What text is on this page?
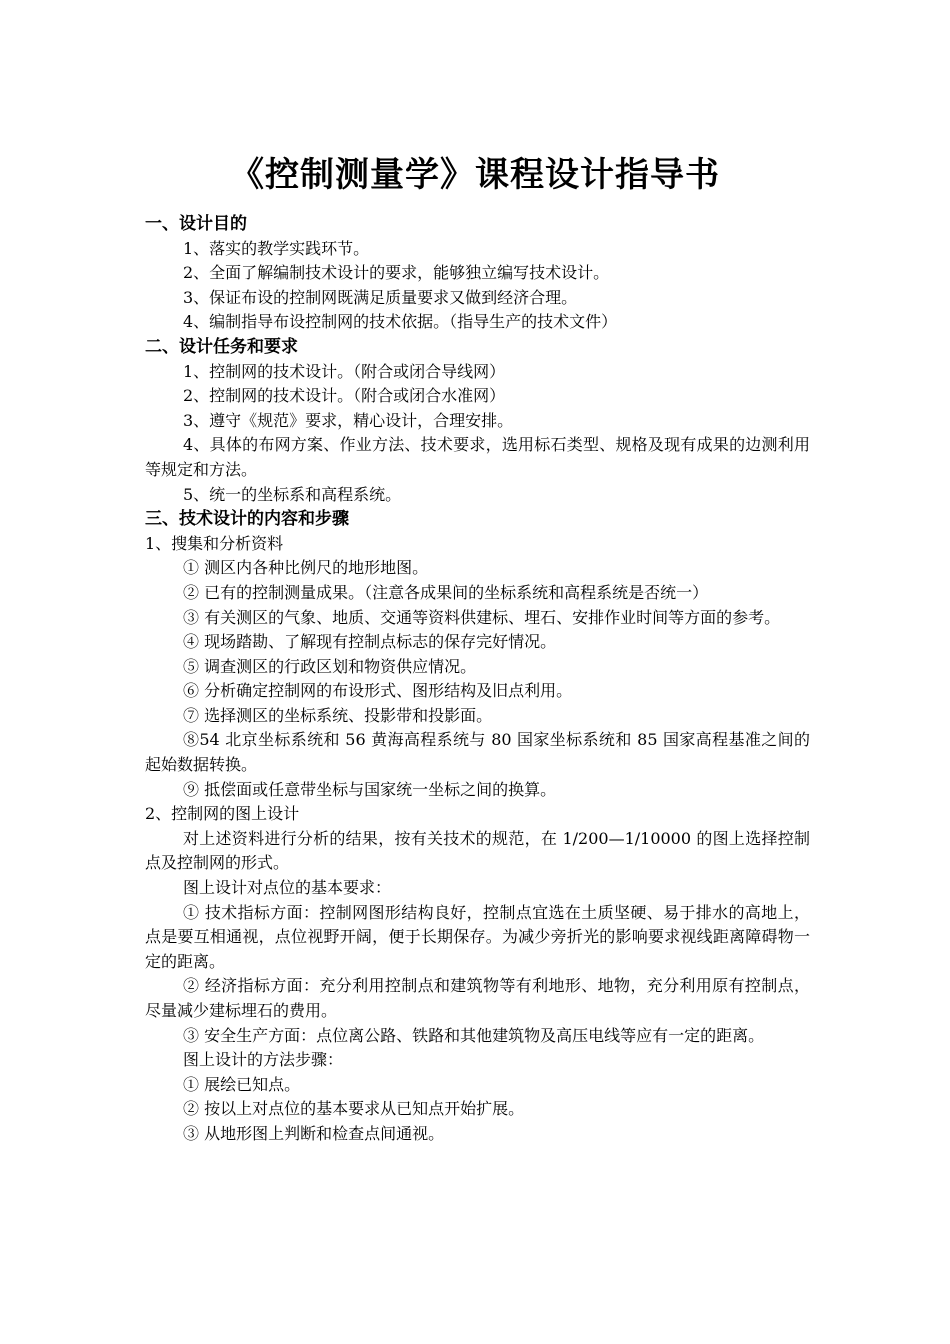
《控制测量学》课程设计指导书

一、设计目的

1、落实的教学实践环节。

2、全面了解编制技术设计的要求，能够独立编写技术设计。

3、保证布设的控制网既满足质量要求又做到经济合理。

4、编制指导布设控制网的技术依据。（指导生产的技术文件）

二、设计任务和要求

1、控制网的技术设计。（附合或闭合导线网）

2、控制网的技术设计。（附合或闭合水准网）

3、遵守《规范》要求，精心设计，合理安排。

4、具体的布网方案、作业方法、技术要求，选用标石类型、规格及现有成果的边测利用等规定和方法。

5、统一的坐标系和高程系统。

三、技术设计的内容和步骤

1、搜集和分析资料

① 测区内各种比例尺的地形地图。

② 已有的控制测量成果。（注意各成果间的坐标系统和高程系统是否统一）

③ 有关测区的气象、地质、交通等资料供建标、埋石、安排作业时间等方面的参考。

④ 现场踏勘、了解现有控制点标志的保存完好情况。

⑤ 调查测区的行政区划和物资供应情况。

⑥ 分析确定控制网的布设形式、图形结构及旧点利用。

⑦ 选择测区的坐标系统、投影带和投影面。

⑧54 北京坐标系统和 56 黄海高程系统与 80 国家坐标系统和 85 国家高程基准之间的起始数据转换。

⑨ 抵偿面或任意带坐标与国家统一坐标之间的换算。

2、控制网的图上设计

对上述资料进行分析的结果，按有关技术的规范，在 1/200—1/10000 的图上选择控制点及控制网的形式。

图上设计对点位的基本要求：

① 技术指标方面：控制网图形结构良好，控制点宜选在土质坚硬、易于排水的高地上，点是要互相通视，点位视野开阔，便于长期保存。为减少旁折光的影响要求视线距离障碍物一定的距离。

② 经济指标方面：充分利用控制点和建筑物等有利地形、地物，充分利用原有控制点，尽量减少建标埋石的费用。

③ 安全生产方面：点位离公路、铁路和其他建筑物及高压电线等应有一定的距离。

图上设计的方法步骤：

① 展绘已知点。

② 按以上对点位的基本要求从已知点开始扩展。

③ 从地形图上判断和检查点间通视。
